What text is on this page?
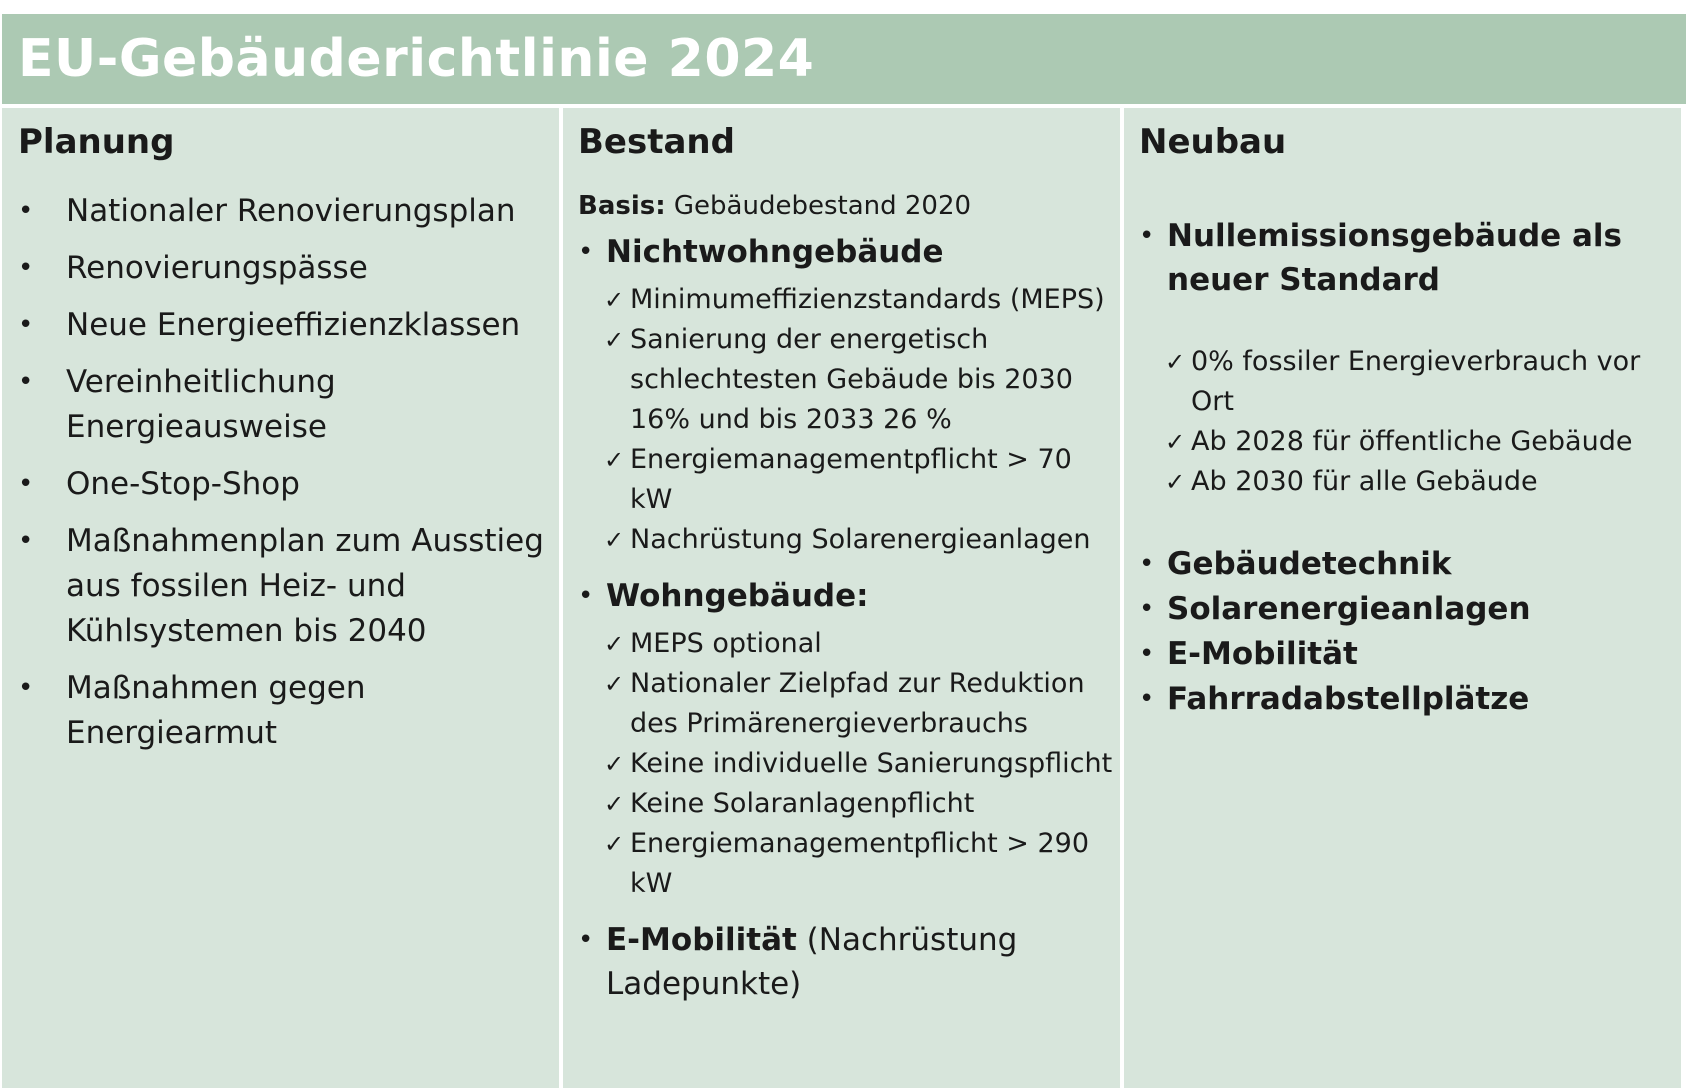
EU-Gebäuderichtlinie 2024
Planung
• Nationaler Renovierungsplan
• Renovierungspässe
• Neue Energieeffizienzklassen
• Vereinheitlichung Energieausweise
• One-Stop-Shop
• Maßnahmenplan zum Ausstieg aus fossilen Heiz- und Kühlsystemen bis 2040
• Maßnahmen gegen Energiearmut
Bestand
Basis: Gebäudebestand 2020
• Nichtwohngebäude
✓ Minimumeffizienzstandards (MEPS)
✓ Sanierung der energetisch schlechtesten Gebäude bis 2030 16% und bis 2033 26 %
✓ Energiemanagementpflicht > 70 kW
✓ Nachrüstung Solarenergieanlagen
• Wohngebäude:
✓ MEPS optional
✓ Nationaler Zielpfad zur Reduktion des Primärenergieverbrauchs
✓ Keine individuelle Sanierungspflicht
✓ Keine Solaranlagenpflicht
✓ Energiemanagementpflicht > 290 kW
• E-Mobilität (Nachrüstung Ladepunkte)
Neubau
• Nullemissionsgebäude als neuer Standard
✓ 0% fossiler Energieverbrauch vor Ort
✓ Ab 2028 für öffentliche Gebäude
✓ Ab 2030 für alle Gebäude
• Gebäudetechnik
• Solarenergieanlagen
• E-Mobilität
• Fahrradabstellplätze
